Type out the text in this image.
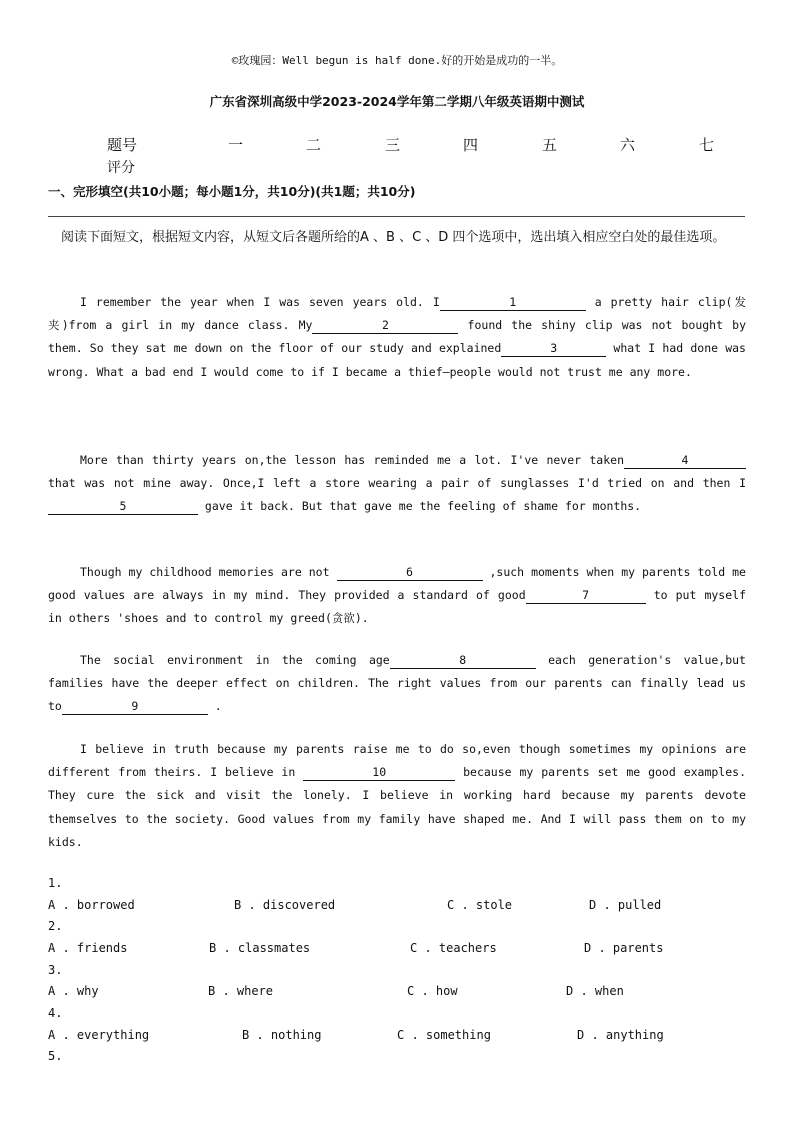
©玫瑰园：Well begun is half done.好的开始是成功的一半。
广东省深圳高级中学2023-2024学年第二学期八年级英语期中测试
题号	一	二	三	四	五	六	七
评分
一、完形填空(共10小题；每小题1分，共10分)(共1题；共10分)
阅读下面短文，根据短文内容，从短文后各题所给的A 、B 、C 、D 四个选项中，选出填入相应空白处的最佳选项。
I remember the year when I was seven years old. I	1	a pretty hair clip(发夹)from a girl in my dance class. My	2	found the shiny clip was not bought by them. So they sat me down on the floor of our study and explained	3	what I had done was wrong. What a bad end I would come to if I became a thief—people would not trust me any more.
More than thirty years on,the lesson has reminded me a lot. I've never taken	4 that was not mine away. Once,I left a store wearing a pair of sunglasses I'd tried on and then I5	gave it back. But that gave me the feeling of shame for months.
Though my childhood memories are not	6	,such moments when my parents told me good values are always in my mind. They provided a standard of good	7	to put myself in others 'shoes and to control my greed(贪欲).
The social environment in the coming age	8	each generation's value,but families have the deeper effect on children. The right values from our parents can finally lead us to	9	.
I believe in truth because my parents raise me to do so,even though sometimes my opinions are different from theirs. I believe in	10	because my parents set me good examples. They cure the sick and visit the lonely. I believe in working hard because my parents devote themselves to the society. Good values from my family have shaped me. And I will pass them on to my kids.
1.
A . borrowed	B . discovered	C . stole	D . pulled
2.
A . friends	B . classmates	C . teachers	D . parents
3.
A . why	B . where	C . how	D . when
4.
A . everything	B . nothing	C . something	D . anything
5.
